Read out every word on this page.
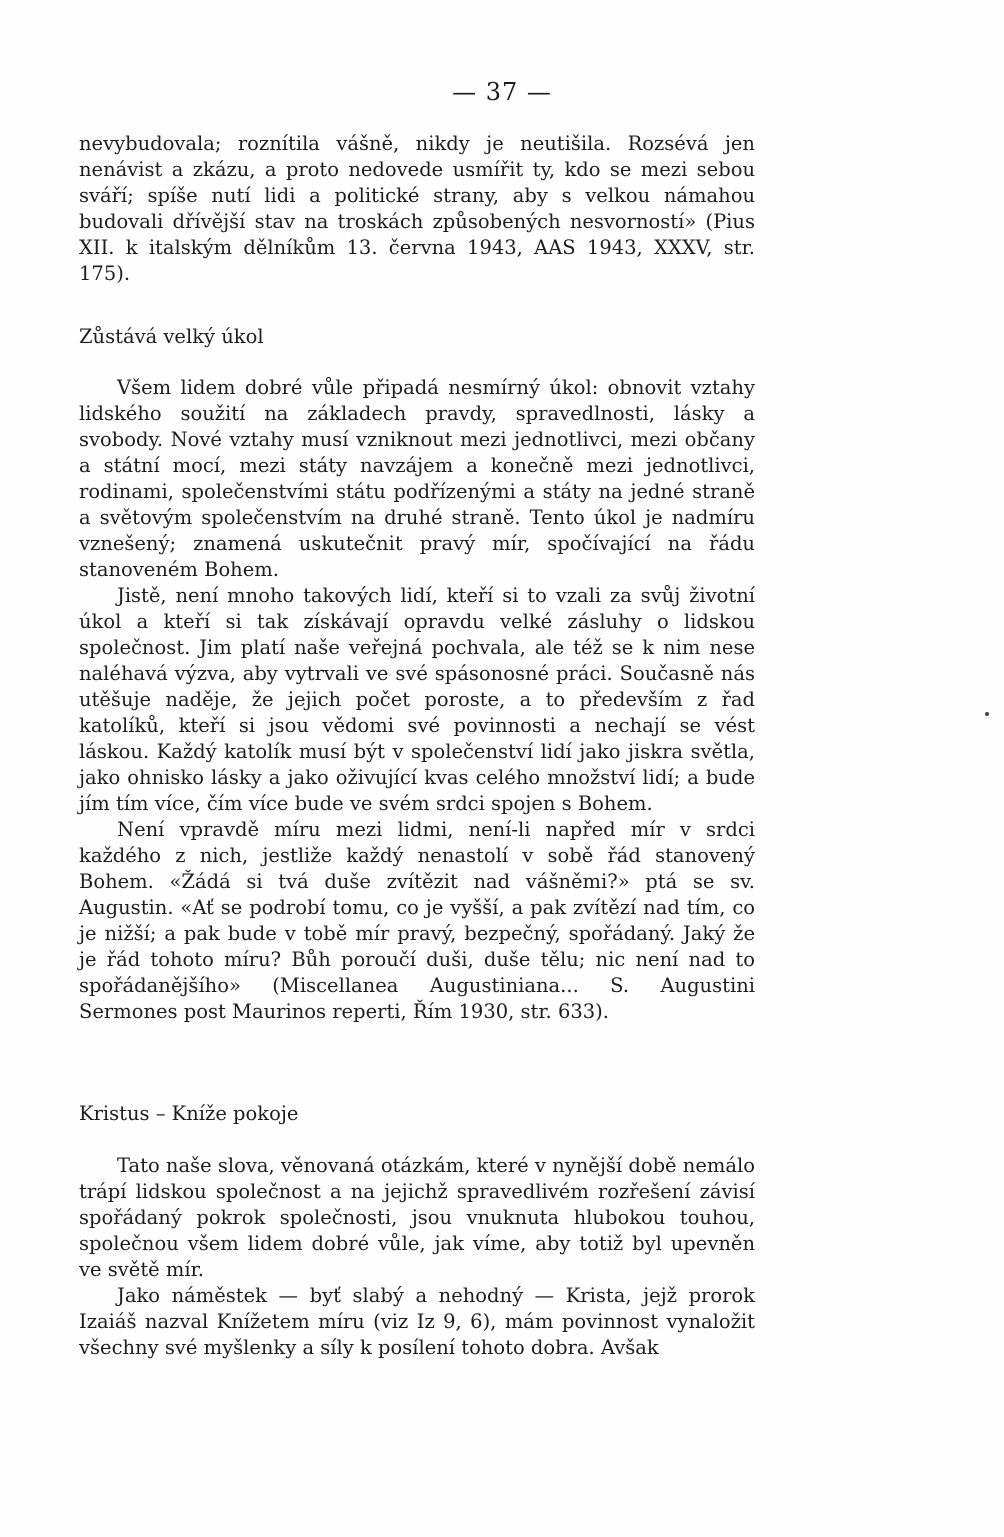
— 37 —

nevybudovala; roznítila vášně, nikdy je neutišila. Rozsévá jen nenávist a zkázu, a proto nedovede usmířit ty, kdo se mezi sebou sváří; spíše nutí lidi a politické strany, aby s velkou námahou budovali dřívější stav na troskách způsobených nesvorností» (Pius XII. k italským dělníkům 13. června 1943, AAS 1943, XXXV, str. 175).

Zůstává velký úkol

Všem lidem dobré vůle připadá nesmírný úkol: obnovit vztahy lidského soužití na základech pravdy, spravedlnosti, lásky a svobody. Nové vztahy musí vzniknout mezi jednotlivci, mezi občany a státní mocí, mezi státy navzájem a konečně mezi jednotlivci, rodinami, společenstvími státu podřízenými a státy na jedné straně a světovým společenstvím na druhé straně. Tento úkol je nadmíru vznešený; znamená uskutečnit pravý mír, spočívající na řádu stanoveném Bohem.

Jistě, není mnoho takových lidí, kteří si to vzali za svůj životní úkol a kteří si tak získávají opravdu velké zásluhy o lidskou společnost. Jim platí naše veřejná pochvala, ale též se k nim nese naléhavá výzva, aby vytrvali ve své spásonosné práci. Současně nás utěšuje naděje, že jejich počet poroste, a to především z řad katolíků, kteří si jsou vědomi své povinnosti a nechají se vést láskou. Každý katolík musí být v společenství lidí jako jiskra světla, jako ohnisko lásky a jako oživující kvas celého množství lidí; a bude jím tím více, čím více bude ve svém srdci spojen s Bohem.

Není vpravdě míru mezi lidmi, není-li napřed mír v srdci každého z nich, jestliže každý nenastolí v sobě řád stanovený Bohem. «Žádá si tvá duše zvítězit nad vášněmi?» ptá se sv. Augustin. «Ať se podrobí tomu, co je vyšší, a pak zvítězí nad tím, co je nižší; a pak bude v tobě mír pravý, bezpečný, spořádaný. Jaký že je řád tohoto míru? Bůh poroučí duši, duše tělu; nic není nad to spořádanějšího» (Miscellanea Augustiniana... S. Augustini Sermones post Maurinos reperti, Řím 1930, str. 633).

Kristus – Kníže pokoje

Tato naše slova, věnovaná otázkám, které v nynější době nemálo trápí lidskou společnost a na jejichž spravedlivém rozřešení závisí spořádaný pokrok společnosti, jsou vnuknuta hlubokou touhou, společnou všem lidem dobré vůle, jak víme, aby totiž byl upevněn ve světě mír.

Jako náměstek — byť slabý a nehodný — Krista, jejž prorok Izaiáš nazval Knížetem míru (viz Iz 9, 6), mám povinnost vynaložit všechny své myšlenky a síly k posílení tohoto dobra. Avšak
